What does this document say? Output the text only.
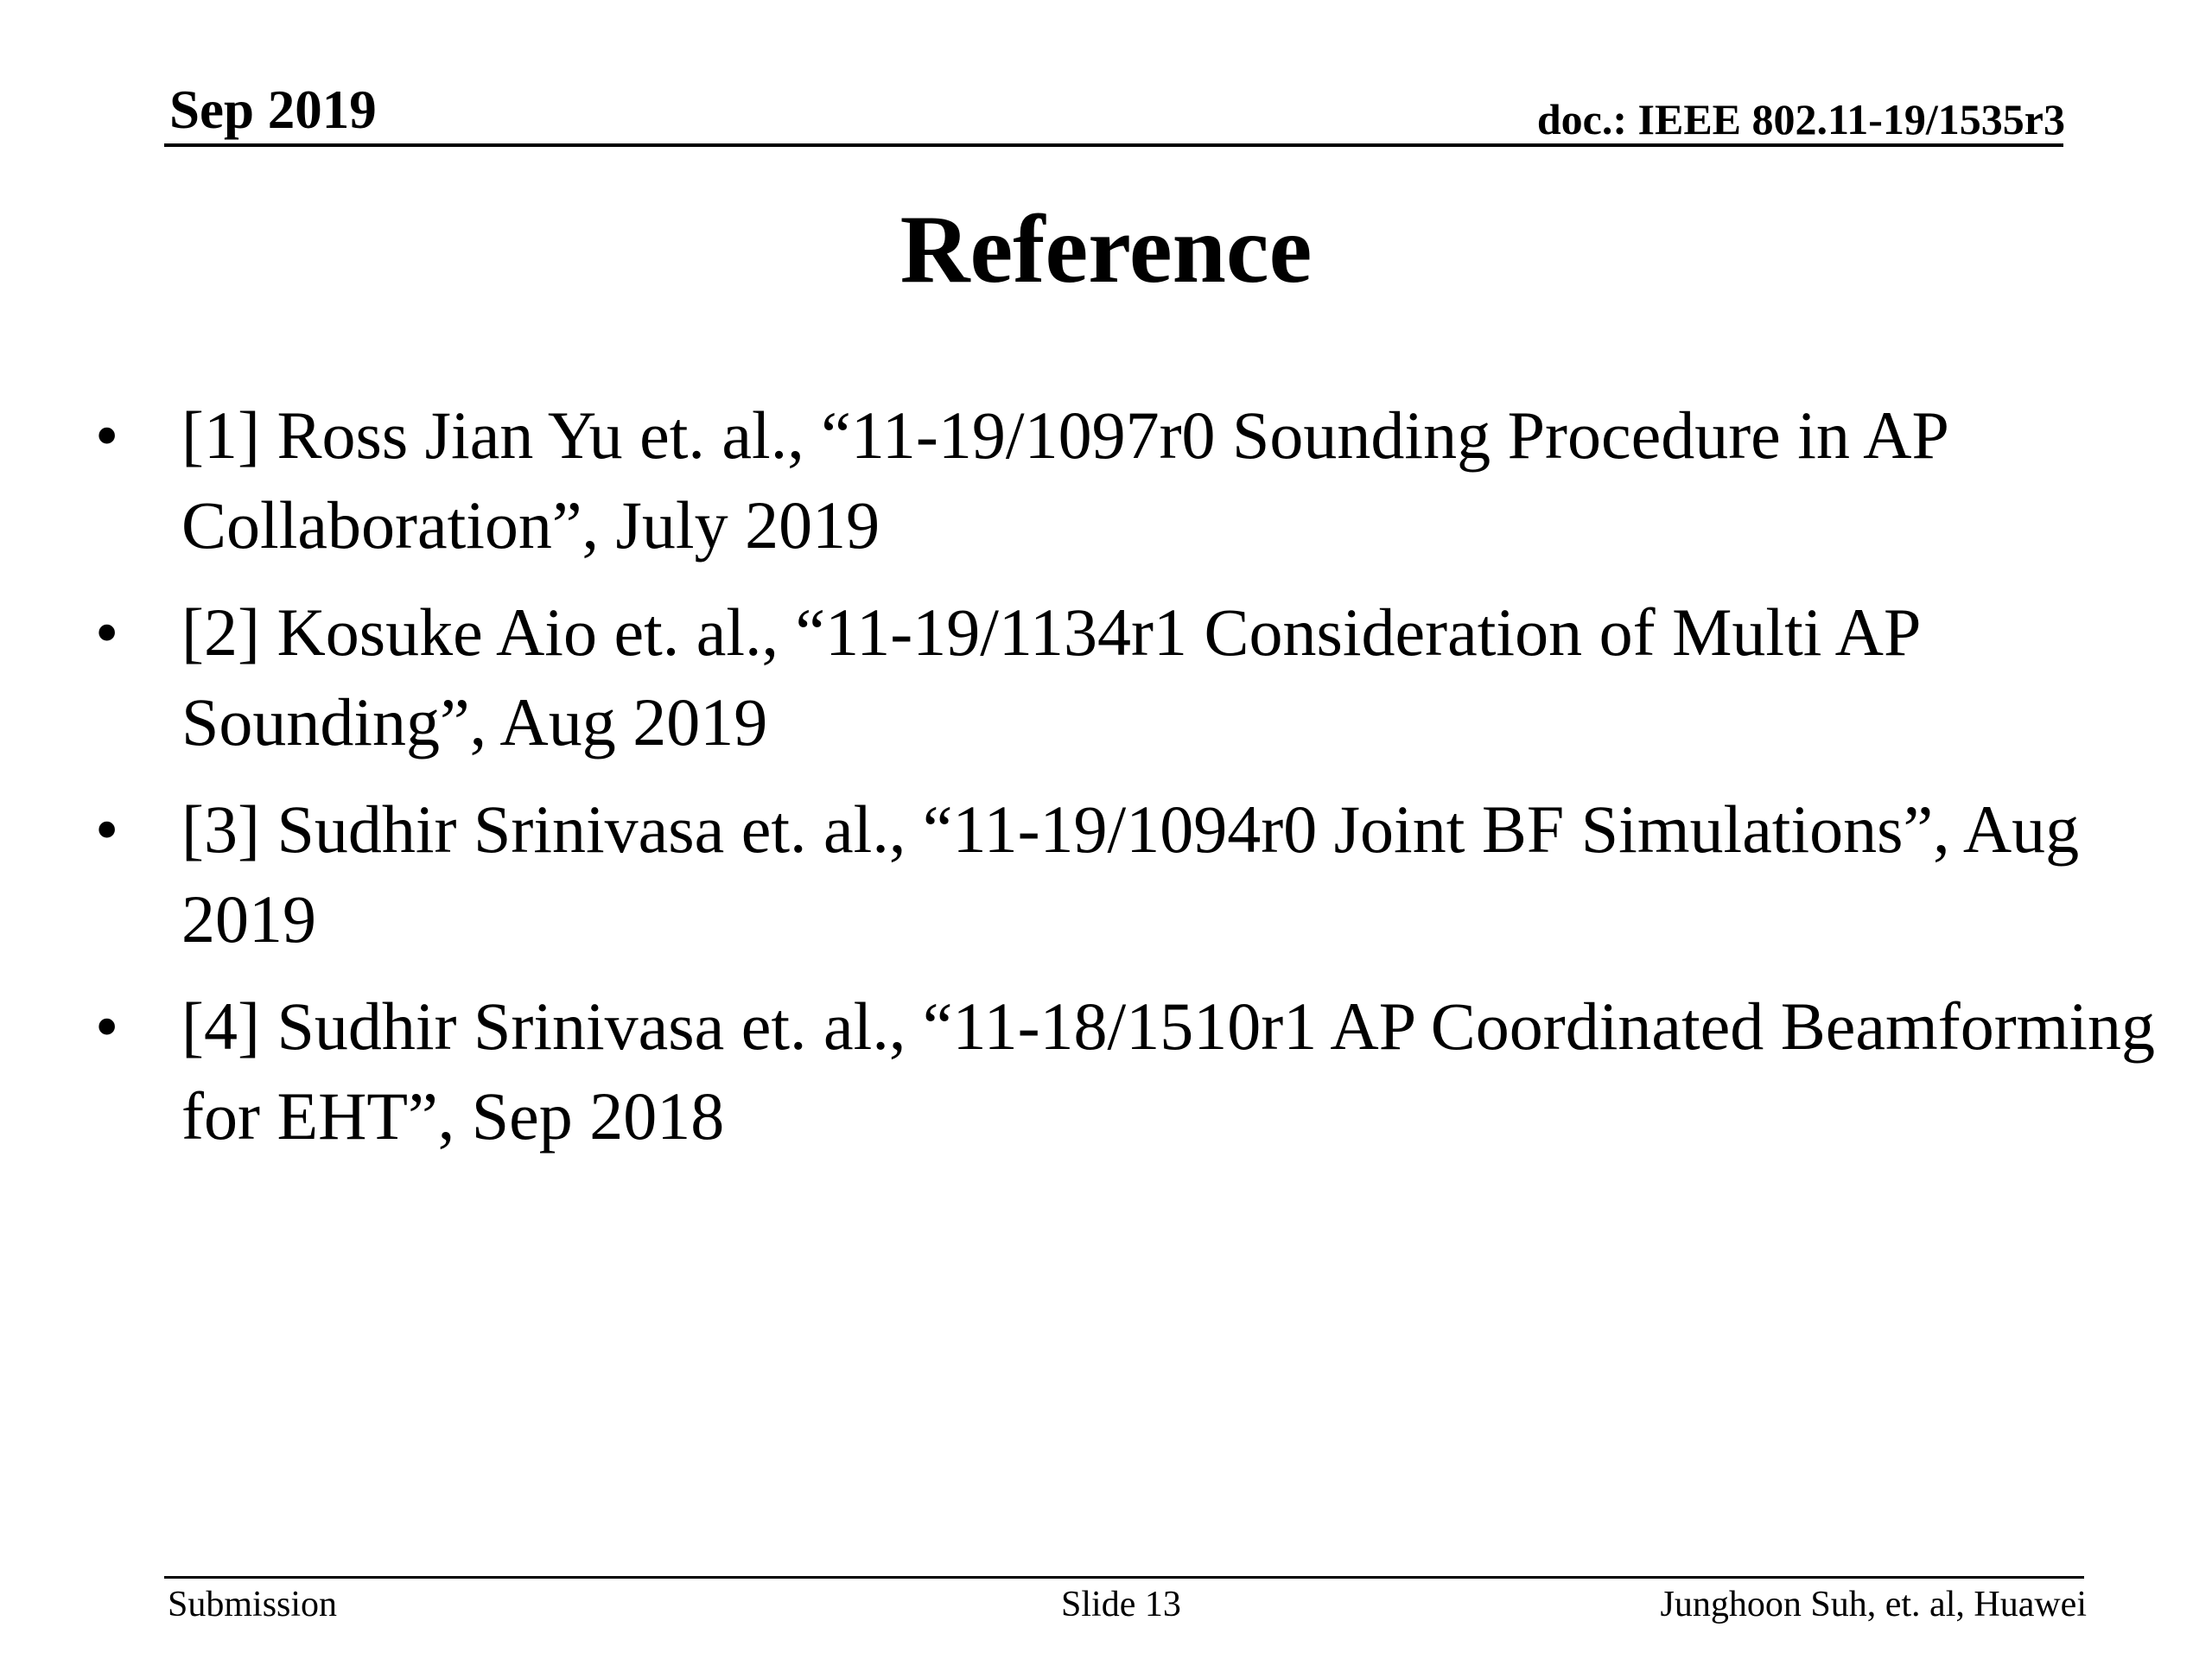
Sep 2019	doc.: IEEE 802.11-19/1535r3
Reference
• [1] Ross Jian Yu et. al., “11-19/1097r0 Sounding Procedure in AP Collaboration”, July 2019
• [2] Kosuke Aio et. al., “11-19/1134r1 Consideration of Multi AP Sounding”, Aug 2019
• [3] Sudhir Srinivasa et. al., “11-19/1094r0 Joint BF Simulations”, Aug 2019
• [4] Sudhir Srinivasa et. al., “11-18/1510r1 AP Coordinated Beamforming for EHT”, Sep 2018
Submission	Slide 13	Junghoon Suh, et. al, Huawei
